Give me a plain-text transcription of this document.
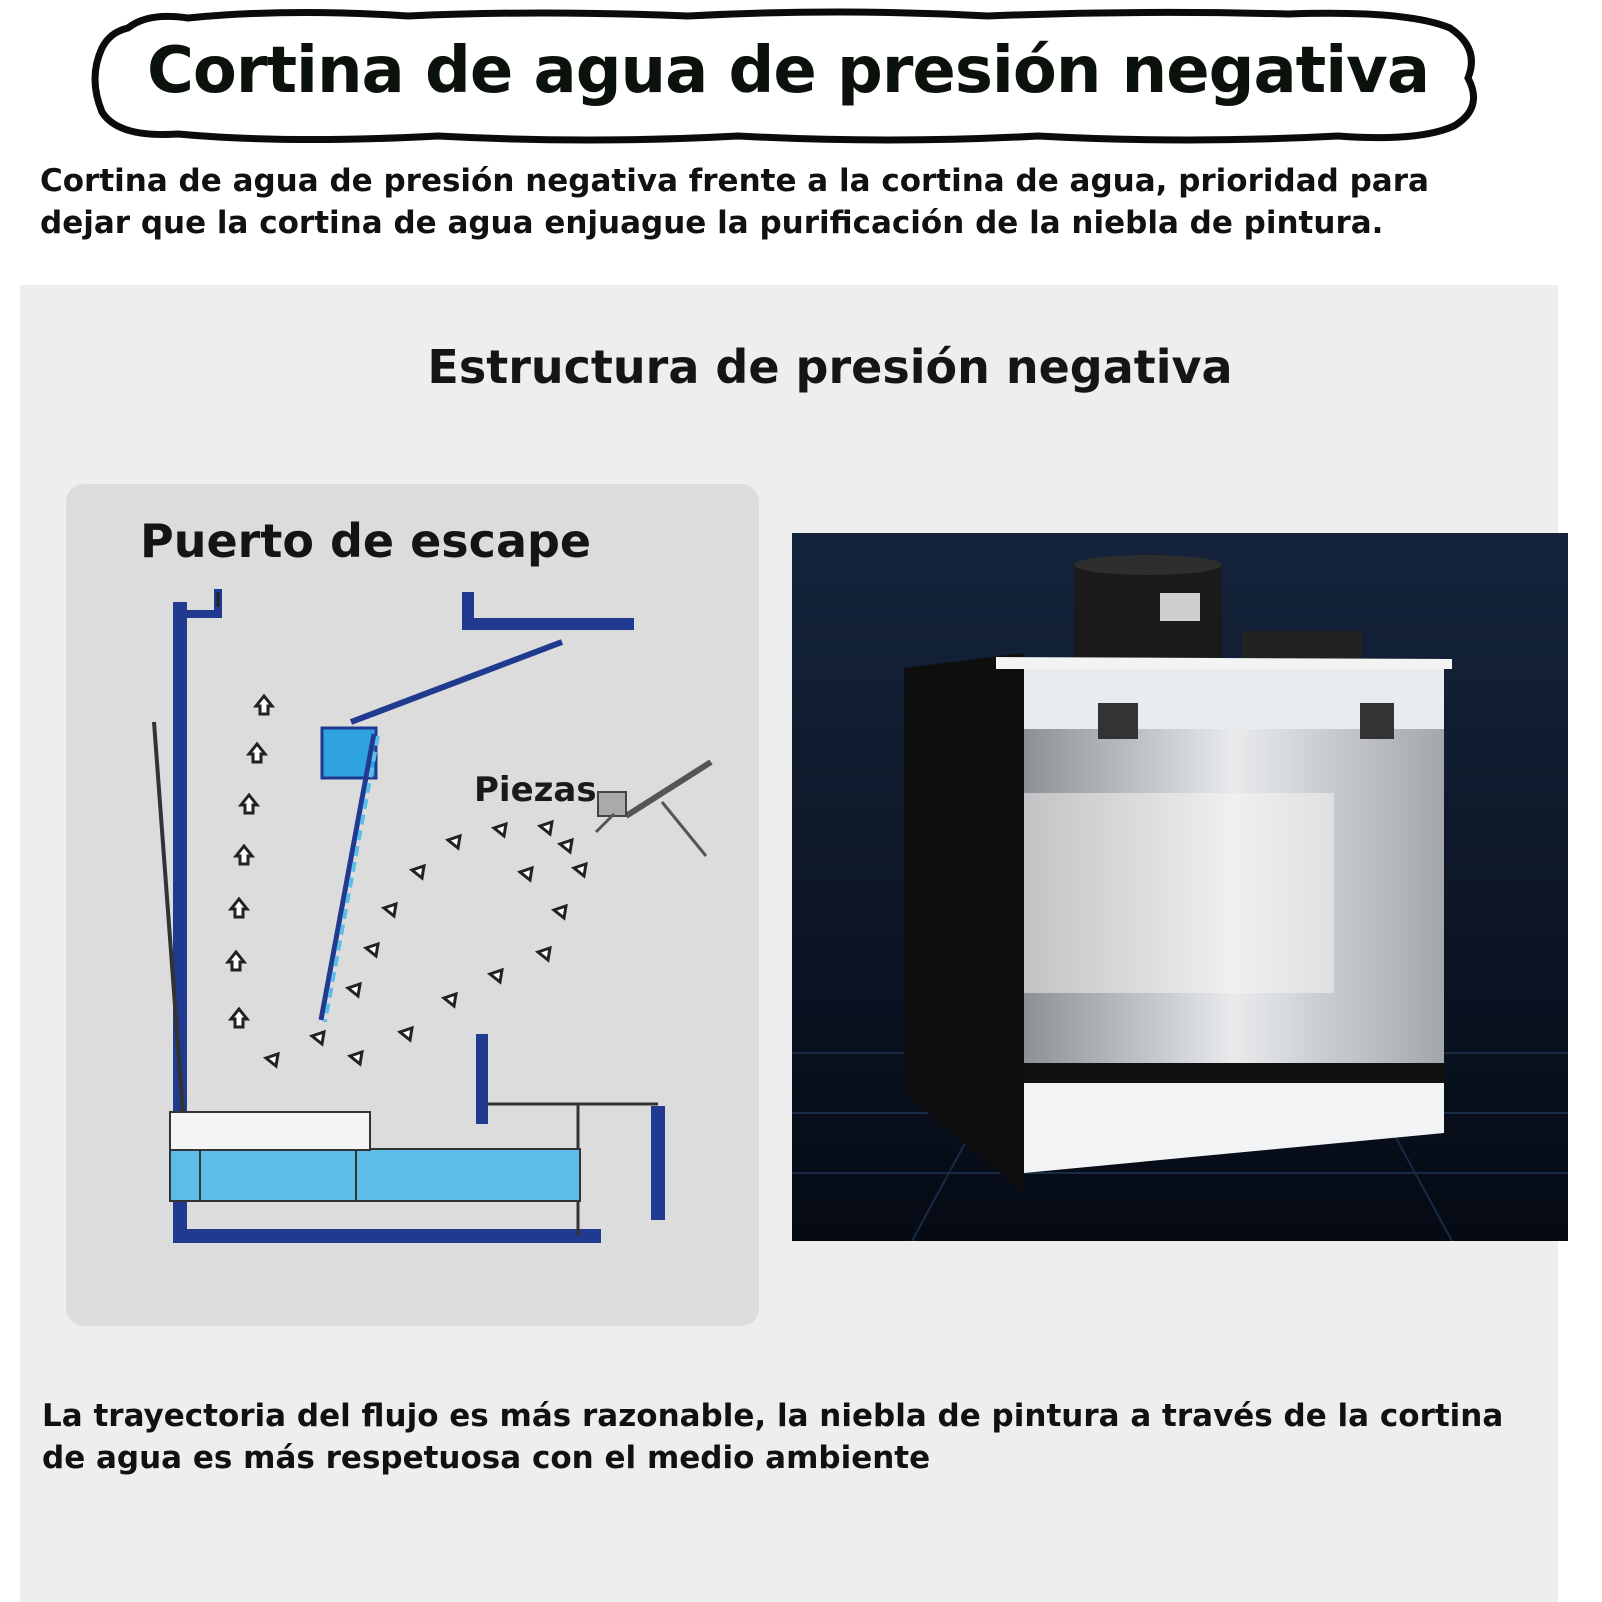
Cortina de agua de presión negativa
Cortina de agua de presión negativa frente a la cortina de agua, prioridad para dejar que la cortina de agua enjuague la purificación de la niebla de pintura.
Estructura de presión negativa
Puerto de escape
Piezas
La trayectoria del flujo es más razonable, la niebla de pintura a través de la cortina de agua es más respetuosa con el medio ambiente
